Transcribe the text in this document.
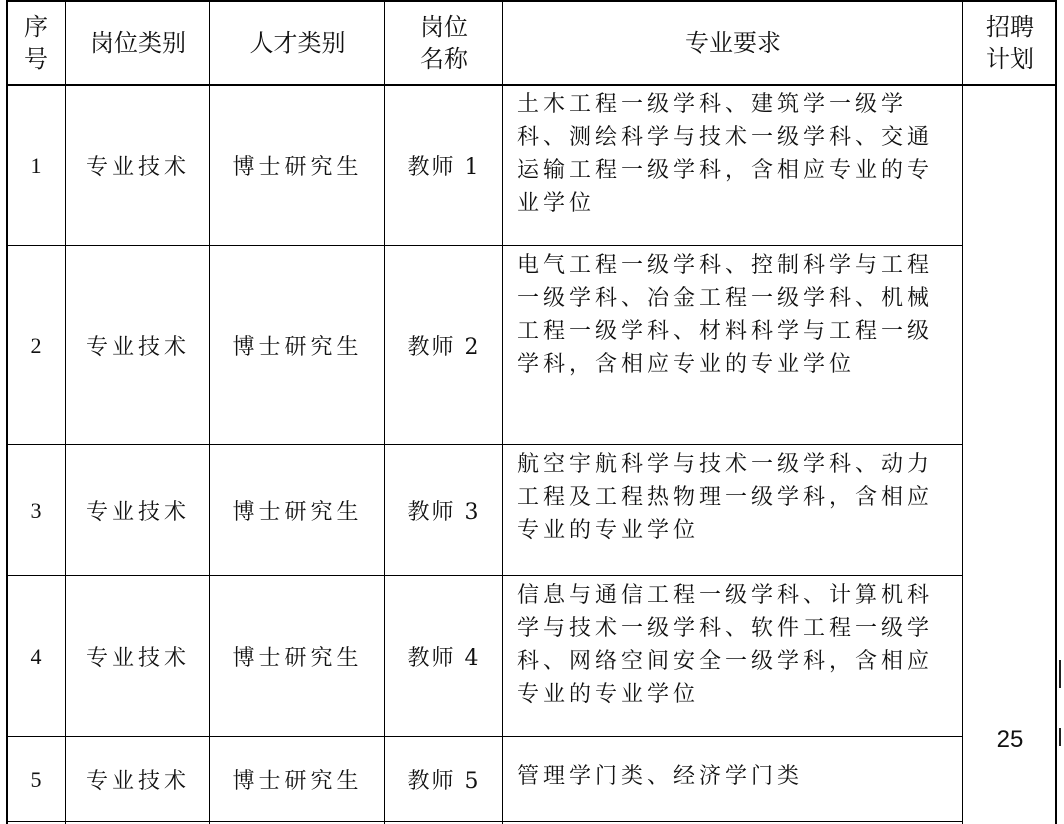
序号
岗位类别	人才类别
岗位名称
专业要求
招聘计划
1 专业技术 博士研究生 教师 1
土木工程一级学科、建筑学一级学科、测绘科学与技术一级学科、交通运输工程一级学科，含相应专业的专业学位
2 专业技术 博士研究生 教师 2
电气工程一级学科、控制科学与工程一级学科、冶金工程一级学科、机械工程一级学科、材料科学与工程一级学科，含相应专业的专业学位
3 专业技术 博士研究生 教师 3
航空宇航科学与技术一级学科、动力工程及工程热物理一级学科，含相应专业的专业学位
4 专业技术 博士研究生 教师 4
信息与通信工程一级学科、计算机科学与技术一级学科、软件工程一级学科、网络空间安全一级学科，含相应专业的专业学位
5 专业技术 博士研究生 教师 5	管理学门类、经济学门类
25
